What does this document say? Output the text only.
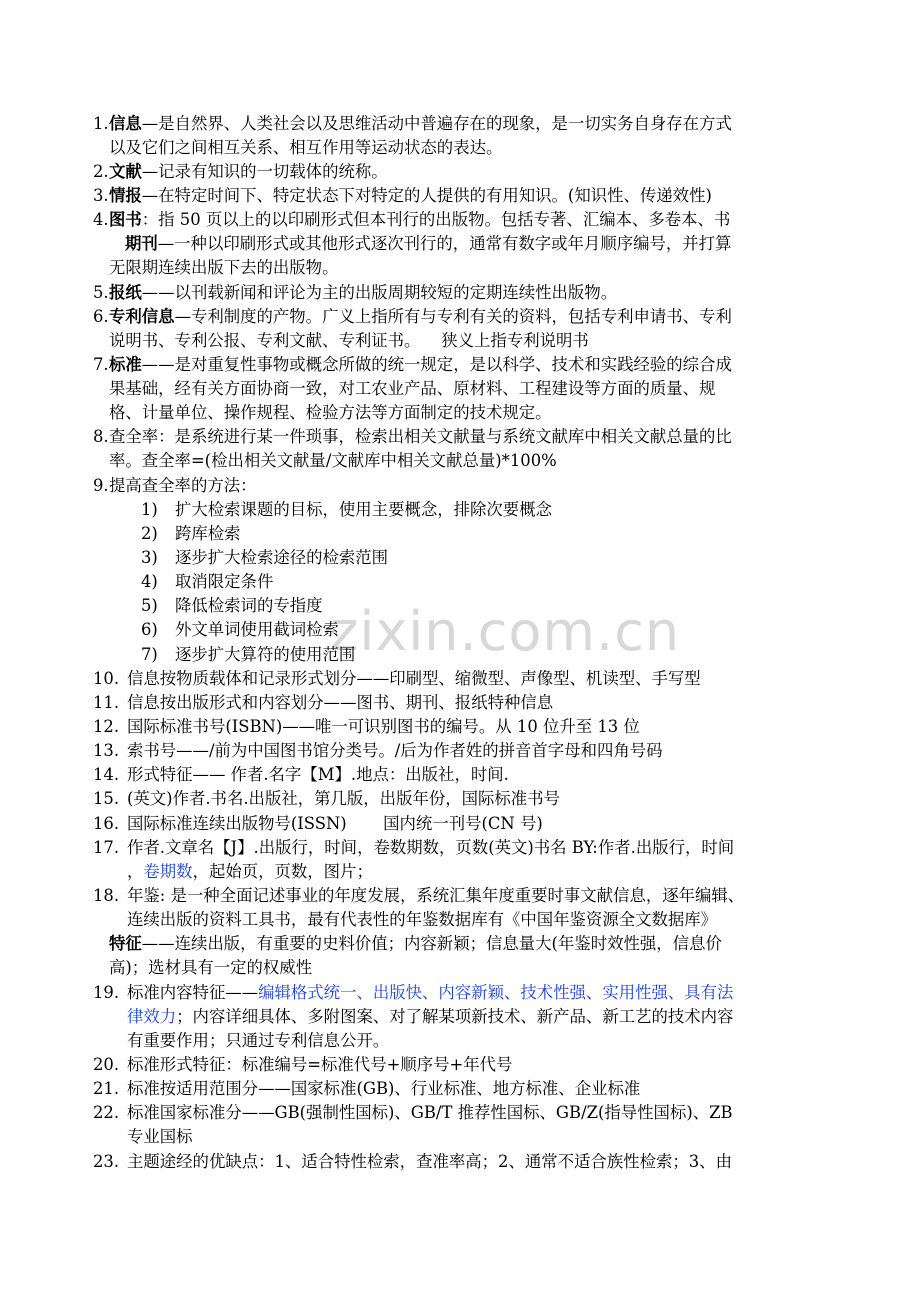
zixin.com.cn
1. 信息—是自然界、人类社会以及思维活动中普遍存在的现象，是一切实务自身存在方式
以及它们之间相互关系、相互作用等运动状态的表达。
2. 文献—记录有知识的一切载体的统称。
3. 情报—在特定时间下、特定状态下对特定的人提供的有用知识。(知识性、传递效性)
4. 图书：指 50 页以上的以印刷形式但本刊行的出版物。包括专著、汇编本、多卷本、书
期刊—一种以印刷形式或其他形式逐次刊行的，通常有数字或年月顺序编号，并打算
无限期连续出版下去的出版物。
5. 报纸——以刊载新闻和评论为主的出版周期较短的定期连续性出版物。
6. 专利信息—专利制度的产物。广义上指所有与专利有关的资料，包括专利申请书、专利
说明书、专利公报、专利文献、专利证书。    狭义上指专利说明书
7. 标准——是对重复性事物或概念所做的统一规定，是以科学、技术和实践经验的综合成
果基础，经有关方面协商一致，对工农业产品、原材料、工程建设等方面的质量、规
格、计量单位、操作规程、检验方法等方面制定的技术规定。
8. 查全率：是系统进行某一件琐事，检索出相关文献量与系统文献库中相关文献总量的比
率。查全率=(检出相关文献量/文献库中相关文献总量)*100%
9. 提高查全率的方法：
1) 扩大检索课题的目标，使用主要概念，排除次要概念
2) 跨库检索
3) 逐步扩大检索途径的检索范围
4) 取消限定条件
5) 降低检索词的专指度
6) 外文单词使用截词检索
7) 逐步扩大算符的使用范围
10. 信息按物质载体和记录形式划分——印刷型、缩微型、声像型、机读型、手写型
11. 信息按出版形式和内容划分——图书、期刊、报纸特种信息
12. 国际标准书号(ISBN)——唯一可识别图书的编号。从 10 位升至 13 位
13. 索书号——/前为中国图书馆分类号。/后为作者姓的拼音首字母和四角号码
14. 形式特征—— 作者.名字【M】.地点：出版社，时间.
15. (英文)作者.书名.出版社，第几版，出版年份，国际标准书号
16. 国际标准连续出版物号(ISSN)       国内统一刊号(CN 号)
17. 作者.文章名【J】.出版行，时间，卷数期数，页数(英文)书名 BY:作者.出版行，时间
，卷期数，起始页，页数，图片；
18. 年鉴: 是一种全面记述事业的年度发展，系统汇集年度重要时事文献信息，逐年编辑、
连续出版的资料工具书，最有代表性的年鉴数据库有《中国年鉴资源全文数据库》
特征——连续出版，有重要的史料价值；内容新颖；信息量大(年鉴时效性强，信息价
高)；选材具有一定的权威性
19. 标准内容特征——编辑格式统一、出版快、内容新颖、技术性强、实用性强、具有法
律效力；内容详细具体、多附图案、对了解某项新技术、新产品、新工艺的技术内容
有重要作用；只通过专利信息公开。
20. 标准形式特征：标准编号=标准代号+顺序号+年代号
21. 标准按适用范围分——国家标准(GB)、行业标准、地方标准、企业标准
22. 标准国家标准分——GB(强制性国标)、GB/T 推荐性国标、GB/Z(指导性国标)、ZB
专业国标
23. 主题途经的优缺点：1、适合特性检索，查准率高；2、通常不适合族性检索；3、由
